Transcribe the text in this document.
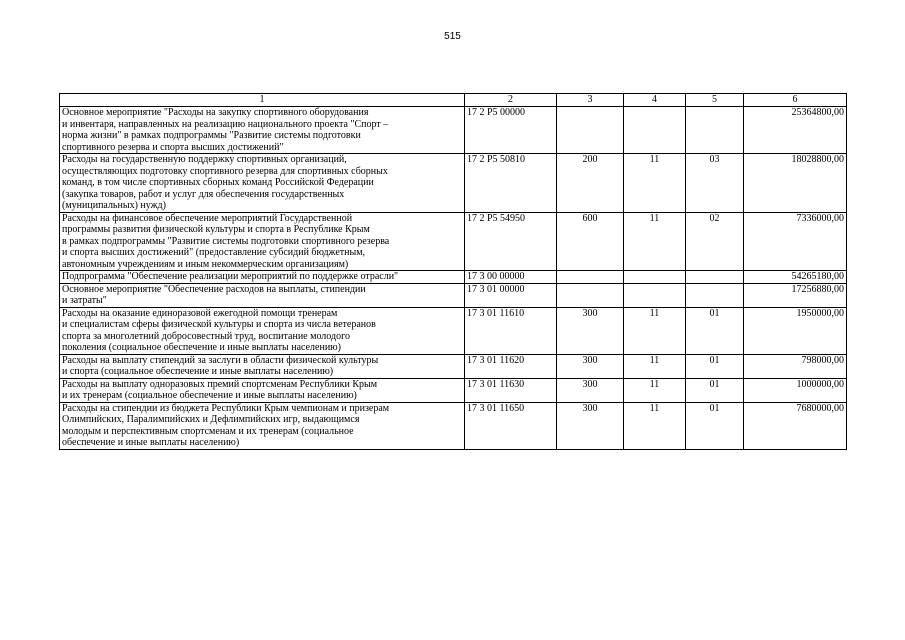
515
1	2	3	4	5	6
Основное мероприятие "Расходы на закупку спортивного оборудования
и инвентаря, направленных на реализацию национального проекта "Спорт –
норма жизни" в рамках подпрограммы "Развитие системы подготовки
спортивного резерва и спорта высших достижений"	17 2 P5 00000				25364800,00
Расходы на государственную поддержку спортивных организаций,
осуществляющих подготовку спортивного резерва для спортивных сборных
команд, в том числе спортивных сборных команд Российской Федерации
(закупка товаров, работ и услуг для обеспечения государственных
(муниципальных) нужд)	17 2 P5 50810	200	11	03	18028800,00
Расходы на финансовое обеспечение мероприятий Государственной
программы развития физической культуры и спорта в Республике Крым
в рамках подпрограммы "Развитие системы подготовки спортивного резерва
и спорта высших достижений" (предоставление субсидий бюджетным,
автономным учреждениям и иным некоммерческим организациям)	17 2 P5 54950	600	11	02	7336000,00
Подпрограмма "Обеспечение реализации мероприятий по поддержке отрасли"	17 3 00 00000				54265180,00
Основное мероприятие "Обеспечение расходов на выплаты, стипендии
и затраты"	17 3 01 00000				17256880,00
Расходы на оказание единоразовой ежегодной помощи тренерам
и специалистам сферы физической культуры и спорта из числа ветеранов
спорта за многолетний добросовестный труд, воспитание молодого
поколения (социальное обеспечение и иные выплаты населению)	17 3 01 11610	300	11	01	1950000,00
Расходы на выплату стипендий за заслуги в области физической культуры
и спорта (социальное обеспечение и иные выплаты населению)	17 3 01 11620	300	11	01	798000,00
Расходы на выплату одноразовых премий спортсменам Республики Крым
и их тренерам (социальное обеспечение и иные выплаты населению)	17 3 01 11630	300	11	01	1000000,00
Расходы на стипендии из бюджета Республики Крым чемпионам и призерам
Олимпийских, Паралимпийских и Дефлимпийских игр, выдающимся
молодым и перспективным спортсменам и их тренерам (социальное
обеспечение и иные выплаты населению)	17 3 01 11650	300	11	01	7680000,00
